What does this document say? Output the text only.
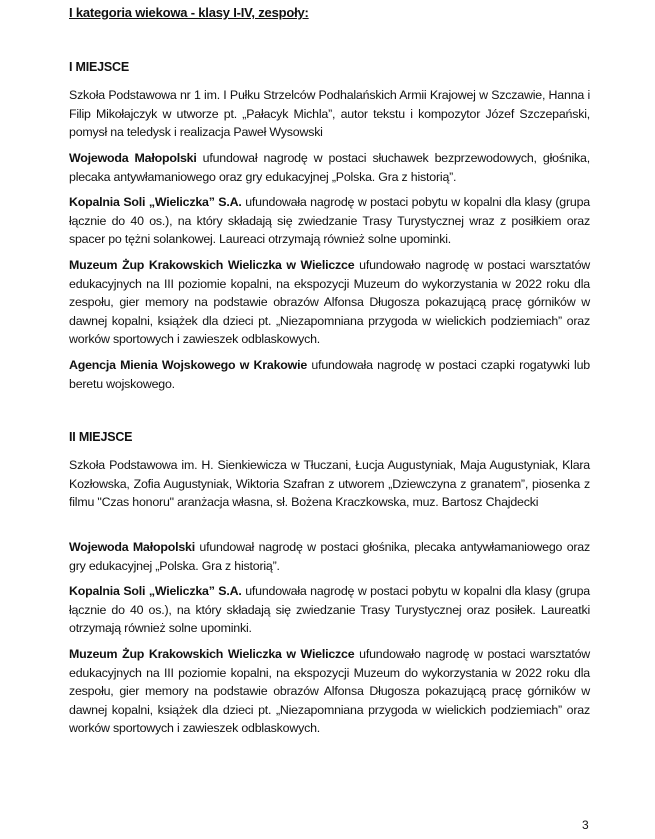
I kategoria wiekowa - klasy I-IV, zespoły:
I MIEJSCE
Szkoła Podstawowa nr 1 im. I Pułku Strzelców Podhalańskich Armii Krajowej w Szczawie, Hanna i Filip Mikołajczyk w utworze pt. „Pałacyk Michla”, autor tekstu i kompozytor Józef Szczepański, pomysł na teledysk i realizacja Paweł Wysowski
Wojewoda Małopolski ufundował nagrodę w postaci słuchawek bezprzewodowych, głośnika, plecaka antywłamaniowego oraz gry edukacyjnej „Polska. Gra z historią”.
Kopalnia Soli „Wieliczka” S.A. ufundowała nagrodę w postaci pobytu w kopalni dla klasy (grupa łącznie do 40 os.), na który składają się zwiedzanie Trasy Turystycznej wraz z posiłkiem oraz spacer po tężni solankowej. Laureaci otrzymają również solne upominki.
Muzeum Żup Krakowskich Wieliczka w Wieliczce ufundowało nagrodę w postaci warsztatów edukacyjnych na III poziomie kopalni, na ekspozycji Muzeum do wykorzystania w 2022 roku dla zespołu, gier memory na podstawie obrazów Alfonsa Długosza pokazującą pracę górników w dawnej kopalni, książek dla dzieci pt. „Niezapomniana przygoda w wielickich podziemiach” oraz worków sportowych i zawieszek odblaskowych.
Agencja Mienia Wojskowego w Krakowie ufundowała nagrodę w postaci czapki rogatywki lub beretu wojskowego.
II MIEJSCE
Szkoła Podstawowa im. H. Sienkiewicza w Tłuczani, Łucja Augustyniak, Maja Augustyniak, Klara Kozłowska, Zofia Augustyniak, Wiktoria Szafran z utworem „Dziewczyna z granatem”, piosenka z filmu "Czas honoru" aranżacja własna, sł. Bożena Kraczkowska, muz. Bartosz Chajdecki
Wojewoda Małopolski ufundował nagrodę w postaci głośnika, plecaka antywłamaniowego oraz gry edukacyjnej „Polska. Gra z historią”.
Kopalnia Soli „Wieliczka” S.A. ufundowała nagrodę w postaci pobytu w kopalni dla klasy (grupa łącznie do 40 os.), na który składają się zwiedzanie Trasy Turystycznej oraz posiłek. Laureatki otrzymają również solne upominki.
Muzeum Żup Krakowskich Wieliczka w Wieliczce ufundowało nagrodę w postaci warsztatów edukacyjnych na III poziomie kopalni, na ekspozycji Muzeum do wykorzystania w 2022 roku dla zespołu, gier memory na podstawie obrazów Alfonsa Długosza pokazującą pracę górników w dawnej kopalni, książek dla dzieci pt. „Niezapomniana przygoda w wielickich podziemiach” oraz worków sportowych i zawieszek odblaskowych.
3
